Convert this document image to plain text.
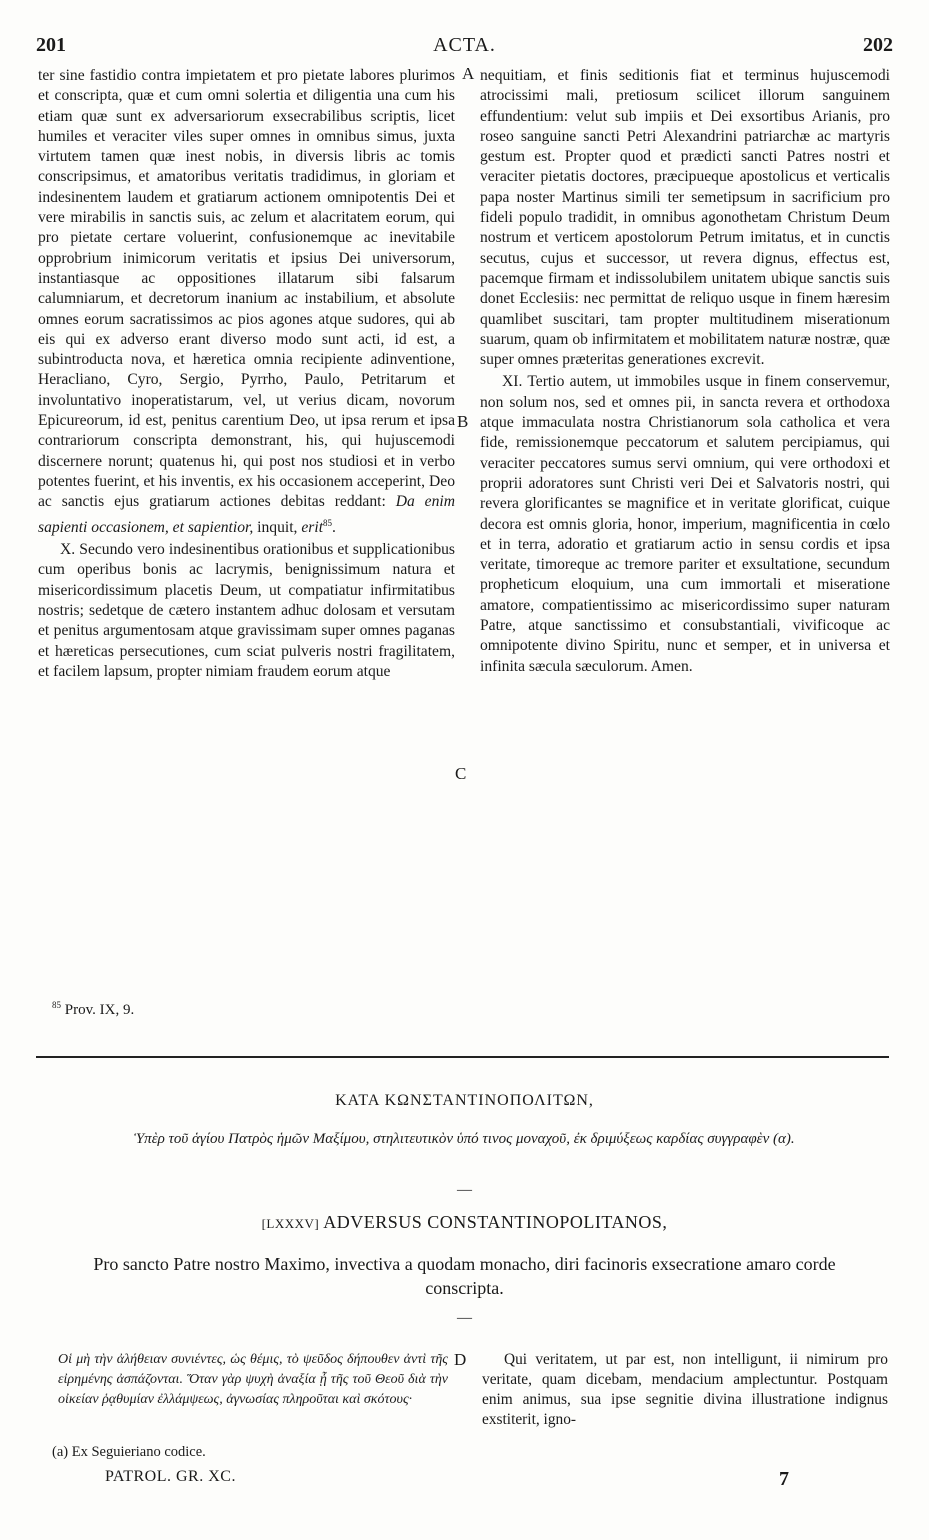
201	ACTA.	202

ter sine fastidio contra impietatem et pro pietate labores plurimos et conscripta, quæ et cum omni solertia et diligentia una cum his etiam quæ sunt ex adversariorum exsecrabilibus scriptis, licet humiles et veraciter viles super omnes in omnibus simus, juxta virtutem tamen quæ inest nobis, in diversis libris ac tomis conscripsimus, et amatoribus veritatis tradidimus, in gloriam et indesinentem laudem et gratiarum actionem omnipotentis Dei et vere mirabilis in sanctis suis, ac zelum et alacritatem eorum, qui pro pietate certare voluerint, confusionemque ac inevitabile opprobrium inimicorum veritatis et ipsius Dei universorum, instantiasque ac oppositiones illatarum sibi falsarum calumniarum, et decretorum inanium ac instabilium, et absolute omnes eorum sacratissimos ac pios agones atque sudores, qui ab eis qui ex adverso erant diverso modo sunt acti, id est, a subintroducta nova, et hæretica omnia recipiente adinventione, Heracliano, Cyro, Sergio, Pyrrho, Paulo, Petritarum et involuntativo inoperatistarum, vel, ut verius dicam, novorum Epicureorum, id est, penitus carentium Deo, ut ipsa rerum et ipsa contrariorum conscripta demonstrant, his, qui hujuscemodi discernere norunt; quatenus hi, qui post nos studiosi et in verbo potentes fuerint, et his inventis, ex his occasionem acceperint, Deo ac sanctis ejus gratiarum actiones debitas reddant: Da enim sapienti occasionem, et sapientior, inquit, erit$^{85}$.

X. Secundo vero indesinentibus orationibus et supplicationibus cum operibus bonis ac lacrymis, benignissimum natura et misericordissimum placetis Deum, ut compatiatur infirmitatibus nostris; sedetque de cætero instantem adhuc dolosam et versutam et penitus argumentosam atque gravissimam super omnes paganas et hæreticas persecutiones, cum sciat pulveris nostri fragilitatem, et facilem lapsum, propter nimiam fraudem eorum atque

A
B
C

nequitiam, et finis seditionis fiat et terminus hujuscemodi atrocissimi mali, pretiosum scilicet illorum sanguinem effundentium: velut sub impiis et Dei exsortibus Arianis, pro roseo sanguine sancti Petri Alexandrini patriarchæ ac martyris gestum est. Propter quod et prædicti sancti Patres nostri et veraciter pietatis doctores, præcipueque apostolicus et verticalis papa noster Martinus simili ter semetipsum in sacrificium pro fideli populo tradidit, in omnibus agonothetam Christum Deum nostrum et verticem apostolorum Petrum imitatus, et in cunctis secutus, cujus et successor, ut revera dignus, effectus est, pacemque firmam et indissolubilem unitatem ubique sanctis suis donet Ecclesiis: nec permittat de reliquo usque in finem hæresim quamlibet suscitari, tam propter multitudinem miserationum suarum, quam ob infirmitatem et mobilitatem naturæ nostræ, quæ super omnes præteritas generationes excrevit.

XI. Tertio autem, ut immobiles usque in finem conservemur, non solum nos, sed et omnes pii, in sancta revera et orthodoxa atque immaculata nostra Christianorum sola catholica et vera fide, remissionemque peccatorum et salutem percipiamus, qui veraciter peccatores sumus servi omnium, qui vere orthodoxi et proprii adoratores sunt Christi veri Dei et Salvatoris nostri, qui revera glorificantes se magnifice et in veritate glorificat, cuique decora est omnis gloria, honor, imperium, magnificentia in cœlo et in terra, adoratio et gratiarum actio in sensu cordis et ipsa veritate, timoreque ac tremore pariter et exsultatione, secundum propheticum eloquium, una cum immortali et miseratione amatore, compatientissimo ac misericordissimo super naturam Patre, atque sanctissimo et consubstantiali, vivificoque ac omnipotente divino Spiritu, nunc et semper, et in universa et infinita sæcula sæculorum. Amen.

$^{85}$ Prov. IX, 9.
ΚΑΤΑ ΚΩΝΣΤΑΝΤΙΝΟΠΟΛΙΤΩΝ,
Ὑπὲρ τοῦ ἁγίου Πατρὸς ἡμῶν Μαξίμου, στηλιτευτικὸν ὑπό τινος μοναχοῦ, ἐκ δριμύξεως καρδίας συγγραφὲν (α).
—
[LXXXV] ADVERSUS CONSTANTINOPOLITANOS,
Pro sancto Patre nostro Maximo, invectiva a quodam monacho, diri facinoris exsecratione amaro corde conscripta.
—

Οἱ μὴ τὴν ἀλήθειαν συνιέντες, ὡς θέμις, τὸ ψεῦδος δήπουθεν ἀντὶ τῆς εἰρημένης ἀσπάζονται. Ὅταν γὰρ ψυχὴ ἀναξία ᾖ τῆς τοῦ Θεοῦ διὰ τὴν οἰκείαν ῥᾳθυμίαν ἐλλάμψεως, ἀγνωσίας πληροῦται καὶ σκότους·

D	Qui veritatem, ut par est, non intelligunt, ii nimirum pro veritate, quam dicebam, mendacium amplectuntur. Postquam enim animus, sua ipse segnitie divina illustratione indignus exstiterit, igno-

(a) Ex Seguieriano codice.
PATROL. GR. XC.	7
